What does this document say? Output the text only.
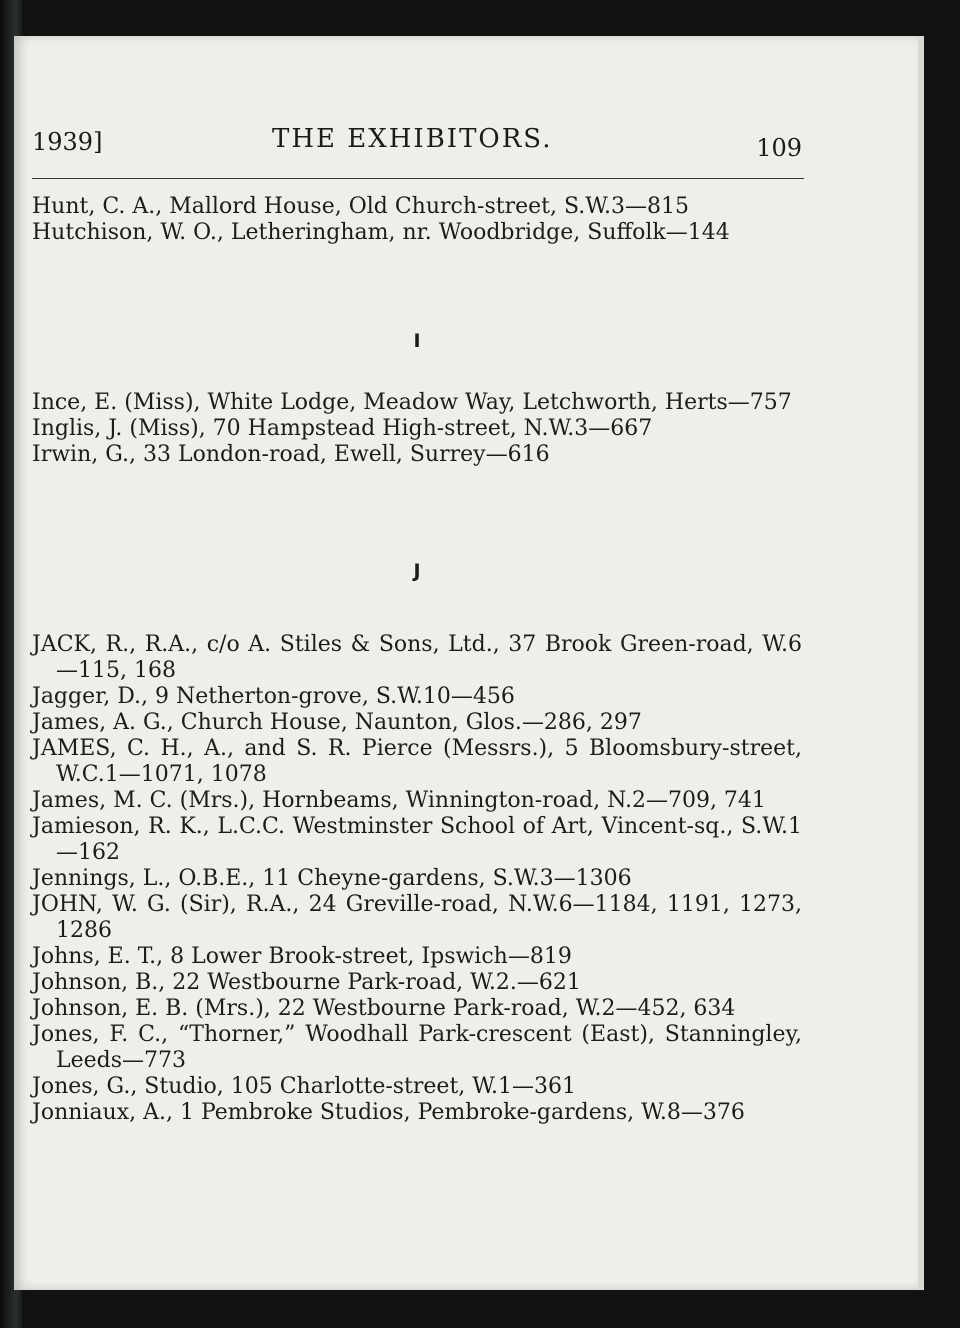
1939]	THE EXHIBITORS.	109

Hunt, C. A., Mallord House, Old Church-street, S.W.3—815

Hutchison, W. O., Letheringham, nr. Woodbridge, Suffolk—144

I

Ince, E. (Miss), White Lodge, Meadow Way, Letchworth, Herts—757

Inglis, J. (Miss), 70 Hampstead High-street, N.W.3—667

Irwin, G., 33 London-road, Ewell, Surrey—616

J

JACK, R., R.A., c/o A. Stiles & Sons, Ltd., 37 Brook Green-road, W.6—115, 168

Jagger, D., 9 Netherton-grove, S.W.10—456

James, A. G., Church House, Naunton, Glos.—286, 297

JAMES, C. H., A., and S. R. Pierce (Messrs.), 5 Bloomsbury-street, W.C.1—1071, 1078

James, M. C. (Mrs.), Hornbeams, Winnington-road, N.2—709, 741

Jamieson, R. K., L.C.C. Westminster School of Art, Vincent-sq., S.W.1—162

Jennings, L., O.B.E., 11 Cheyne-gardens, S.W.3—1306

JOHN, W. G. (Sir), R.A., 24 Greville-road, N.W.6—1184, 1191, 1273, 1286

Johns, E. T., 8 Lower Brook-street, Ipswich—819

Johnson, B., 22 Westbourne Park-road, W.2.—621

Johnson, E. B. (Mrs.), 22 Westbourne Park-road, W.2—452, 634

Jones, F. C., “Thorner,” Woodhall Park-crescent (East), Stanningley, Leeds—773

Jones, G., Studio, 105 Charlotte-street, W.1—361

Jonniaux, A., 1 Pembroke Studios, Pembroke-gardens, W.8—376
